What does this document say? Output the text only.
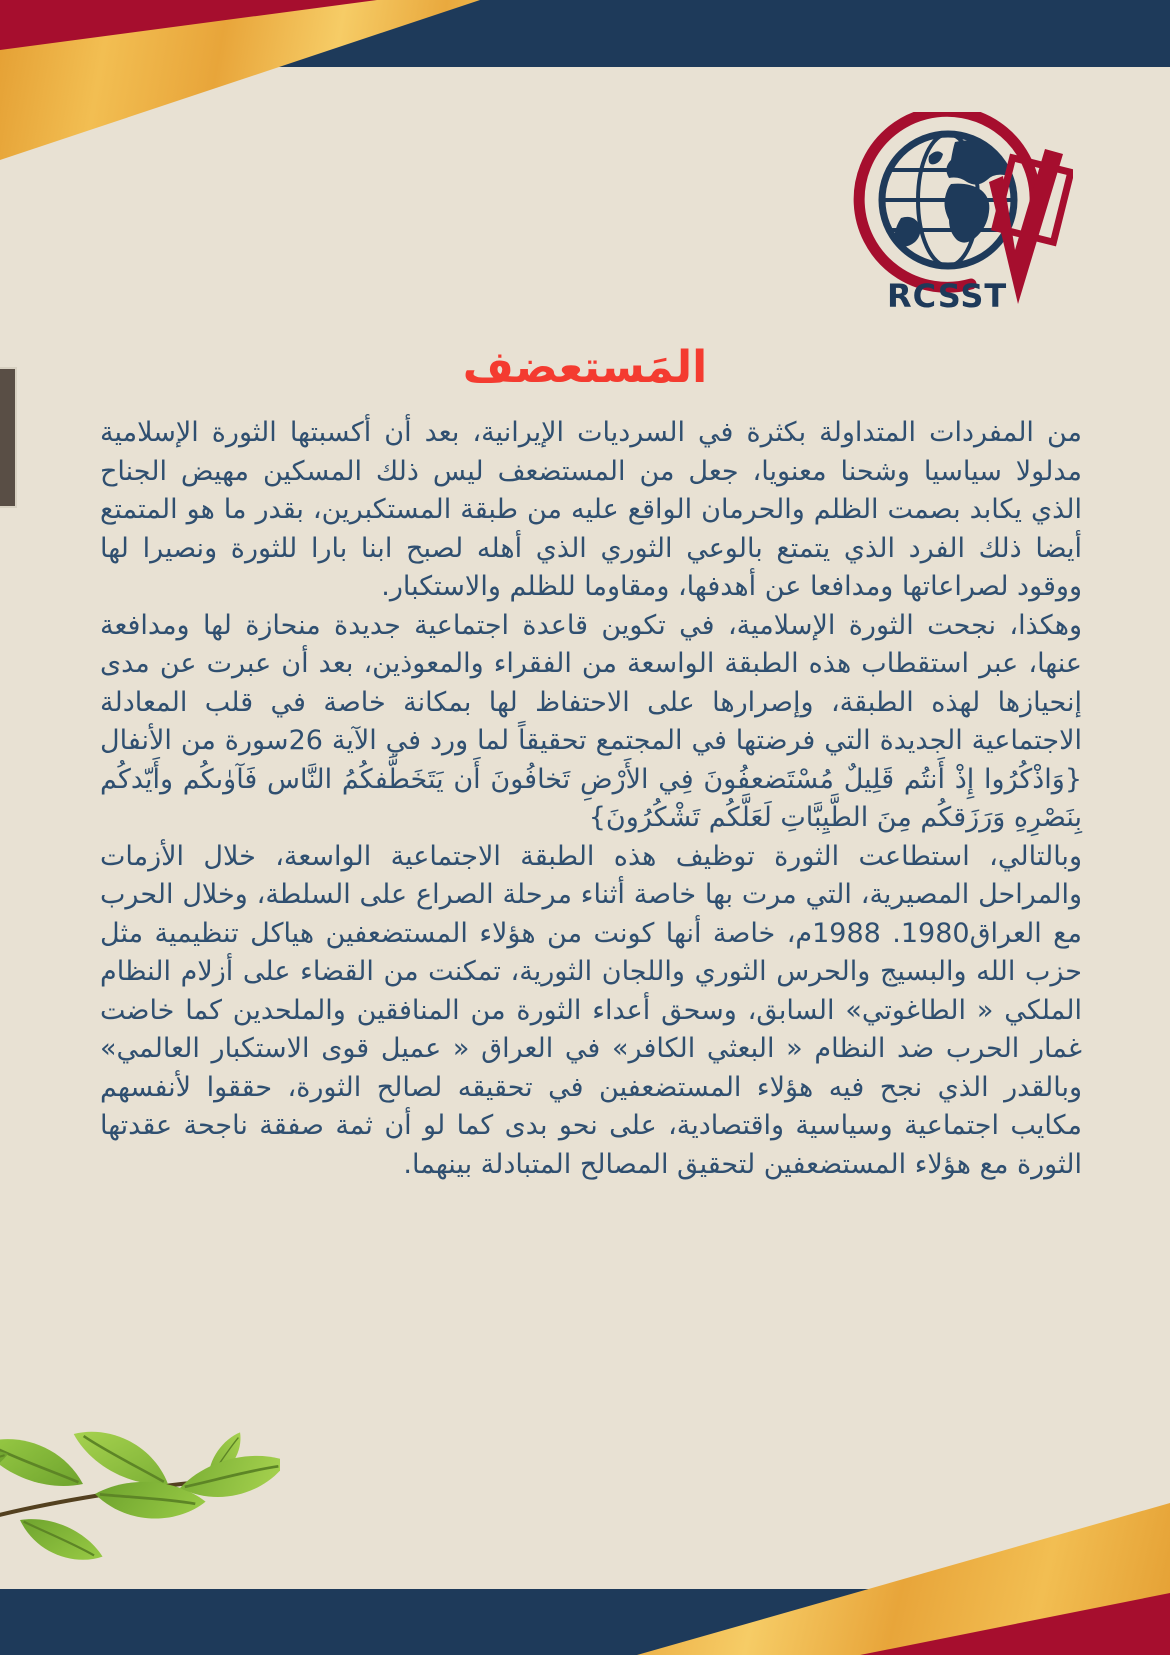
RCSST
المَستعضف

من المفردات المتداولة بكثرة في السرديات الإيرانية، بعد أن أكسبتها الثورة الإسلامية مدلولا سياسيا وشحنا معنويا، جعل من المستضعف ليس ذلك المسكين مهيض الجناح الذي يكابد بصمت الظلم والحرمان الواقع عليه من طبقة المستكبرين، بقدر ما هو المتمتع أيضا ذلك الفرد الذي يتمتع بالوعي الثوري الذي أهله لصبح ابنا بارا للثورة ونصيرا لها ووقود لصراعاتها ومدافعا عن أهدفها، ومقاوما للظلم والاستكبار.

وهكذا، نجحت الثورة الإسلامية، في تكوين قاعدة اجتماعية جديدة منحازة لها ومدافعة عنها، عبر استقطاب هذه الطبقة الواسعة من الفقراء والمعوذين، بعد أن عبرت عن مدى إنحيازها لهذه الطبقة، وإصرارها على الاحتفاظ لها بمكانة خاصة في قلب المعادلة الاجتماعية الجديدة التي فرضتها في المجتمع تحقيقاً لما ورد في الآية 26سورة من الأنفال {وَاذْكُرُوا إِذْ أَنتُم قَلِيلٌ مُسْتَضعفُونَ فِي الأَرْضِ تَخافُونَ أَن يَتَخَطَّفكُمُ النَّاس فَآوٰىكُم وأَيّدكُم بِنَصْرِهِ وَرَزَقكُم مِنَ الطَّيِبَّاتِ لَعَلَّكُم تَشْكُرُونَ}

وبالتالي، استطاعت الثورة توظيف هذه الطبقة الاجتماعية الواسعة، خلال الأزمات والمراحل المصيرية، التي مرت بها خاصة أثناء مرحلة الصراع على السلطة، وخلال الحرب مع العراق1980. 1988م، خاصة أنها كونت من هؤلاء المستضعفين هياكل تنظيمية مثل حزب الله والبسيج والحرس الثوري واللجان الثورية، تمكنت من القضاء على أزلام النظام الملكي « الطاغوتي» السابق، وسحق أعداء الثورة من المنافقين والملحدين كما خاضت غمار الحرب ضد النظام « البعثي الكافر» في العراق « عميل قوى الاستكبار العالمي» وبالقدر الذي نجح فيه هؤلاء المستضعفين في تحقيقه لصالح الثورة، حققوا لأنفسهم مكايب اجتماعية وسياسية واقتصادية، على نحو بدى كما لو أن ثمة صفقة ناجحة عقدتها الثورة مع هؤلاء المستضعفين لتحقيق المصالح المتبادلة بينهما.
